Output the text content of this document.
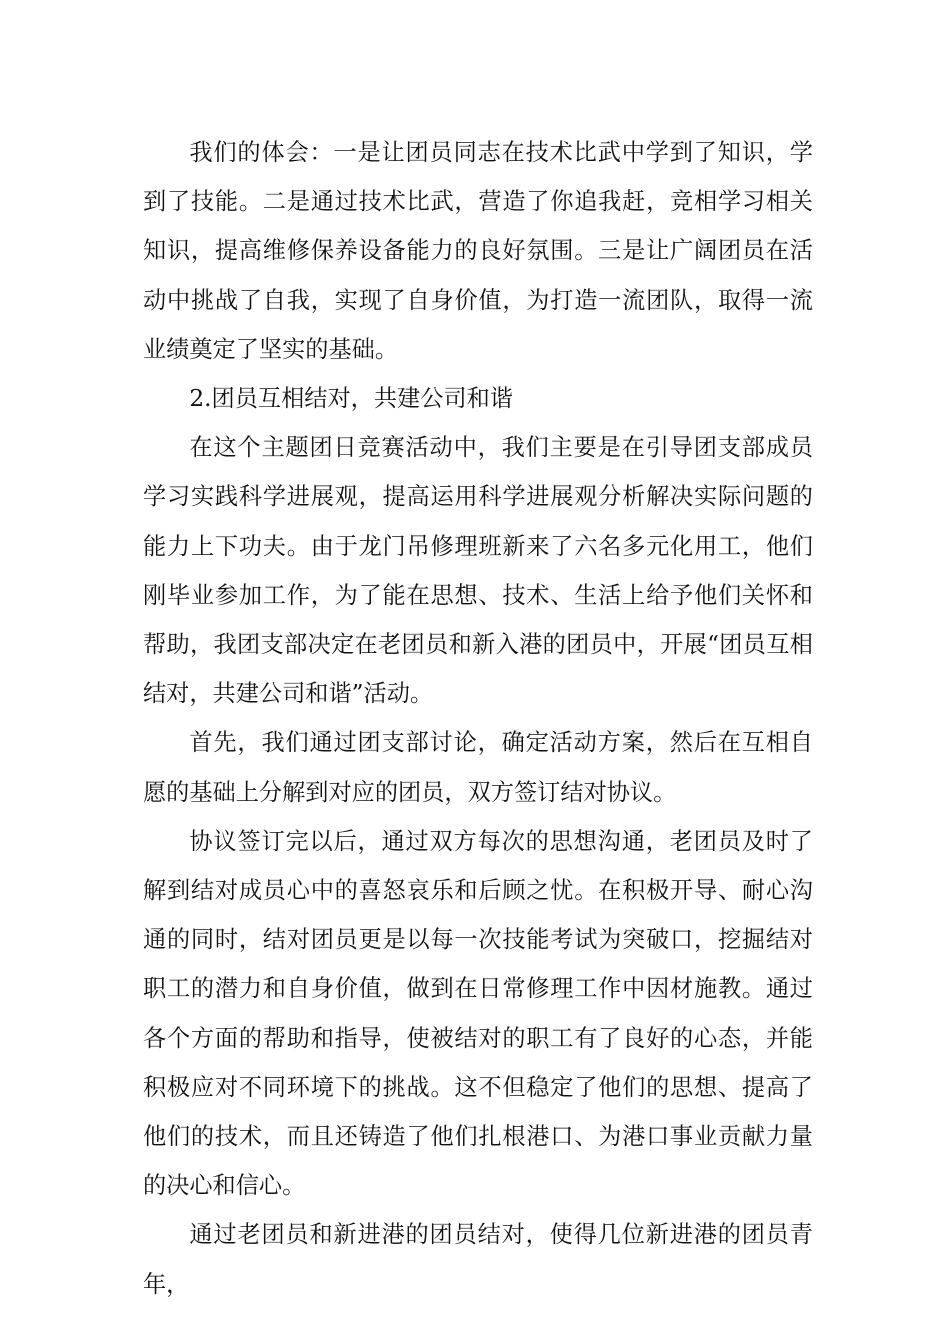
我们的体会：一是让团员同志在技术比武中学到了知识，学到了技能。二是通过技术比武，营造了你追我赶，竞相学习相关知识，提高维修保养设备能力的良好氛围。三是让广阔团员在活动中挑战了自我，实现了自身价值，为打造一流团队，取得一流业绩奠定了坚实的基础。

2.团员互相结对，共建公司和谐

在这个主题团日竞赛活动中，我们主要是在引导团支部成员学习实践科学进展观，提高运用科学进展观分析解决实际问题的能力上下功夫。由于龙门吊修理班新来了六名多元化用工，他们刚毕业参加工作，为了能在思想、技术、生活上给予他们关怀和帮助，我团支部决定在老团员和新入港的团员中，开展“团员互相结对，共建公司和谐”活动。

首先，我们通过团支部讨论，确定活动方案，然后在互相自愿的基础上分解到对应的团员，双方签订结对协议。

协议签订完以后，通过双方每次的思想沟通，老团员及时了解到结对成员心中的喜怒哀乐和后顾之忧。在积极开导、耐心沟通的同时，结对团员更是以每一次技能考试为突破口，挖掘结对职工的潜力和自身价值，做到在日常修理工作中因材施教。通过各个方面的帮助和指导，使被结对的职工有了良好的心态，并能积极应对不同环境下的挑战。这不但稳定了他们的思想、提高了他们的技术，而且还铸造了他们扎根港口、为港口事业贡献力量的决心和信心。

通过老团员和新进港的团员结对，使得几位新进港的团员青年，
